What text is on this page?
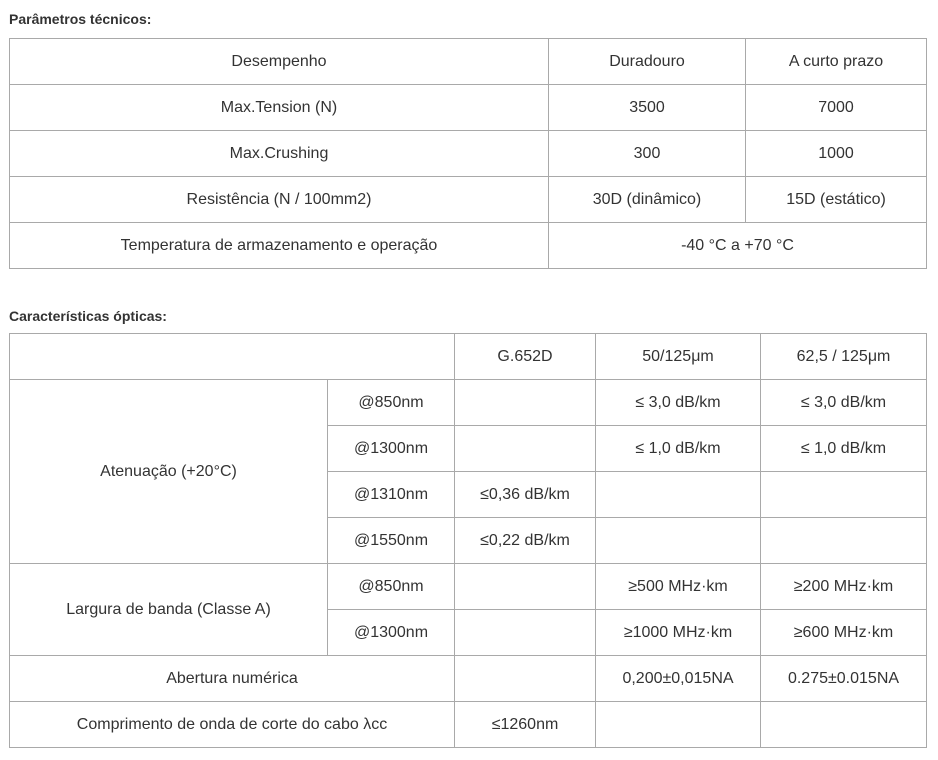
Parâmetros técnicos:
Desempenho	Duradouro	A curto prazo
Max.Tension (N)	3500	7000
Max.Crushing	300	1000
Resistência (N / 100mm2)	30D (dinâmico)	15D (estático)
Temperatura de armazenamento e operação	-40 °C a +70 °C	
Características ópticas:
		G.652D	50/125μm	62,5 / 125μm
Atenuação (+20°C)	@850nm		≤ 3,0 dB/km	≤ 3,0 dB/km
	@1300nm		≤ 1,0 dB/km	≤ 1,0 dB/km
	@1310nm	≤0,36 dB/km		
	@1550nm	≤0,22 dB/km		
Largura de banda (Classe A)	@850nm		≥500 MHz·km	≥200 MHz·km
	@1300nm		≥1000 MHz·km	≥600 MHz·km
Abertura numérica			0,200±0,015NA	0.275±0.015NA
Comprimento de onda de corte do cabo λcc		≤1260nm		
